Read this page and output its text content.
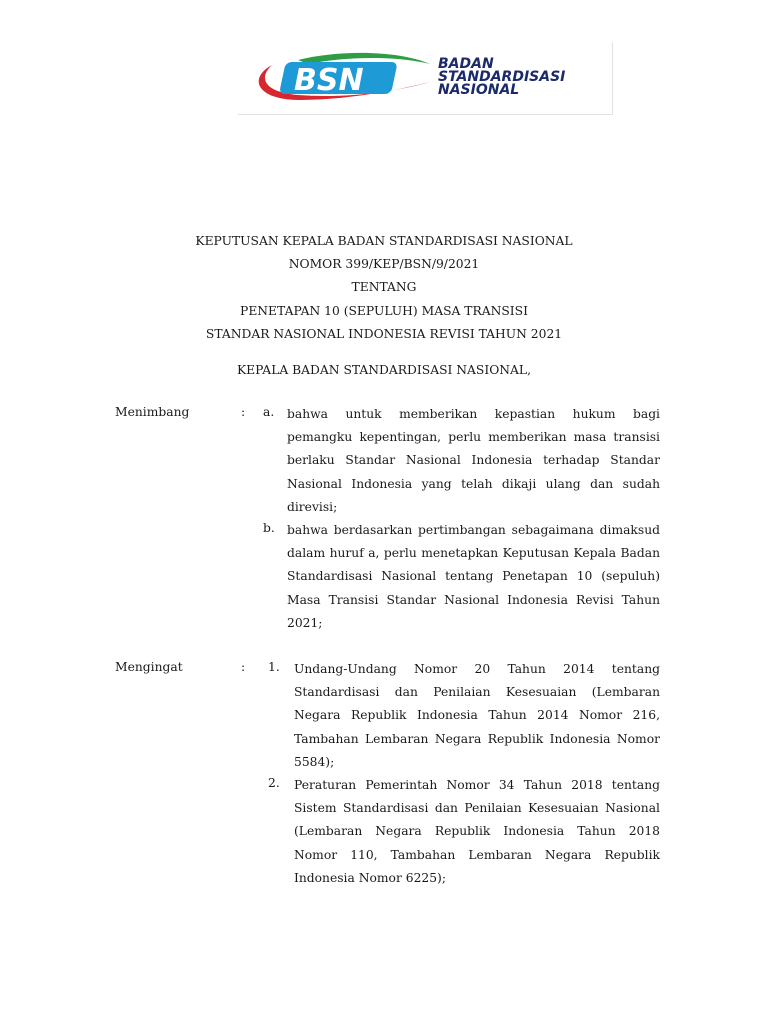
BSN	BADAN
STANDARDISASI
NASIONAL
KEPUTUSAN KEPALA BADAN STANDARDISASI NASIONAL
NOMOR 399/KEP/BSN/9/2021
TENTANG
PENETAPAN 10 (SEPULUH) MASA TRANSISI
STANDAR NASIONAL INDONESIA REVISI TAHUN 2021
KEPALA BADAN STANDARDISASI NASIONAL,
Menimbang	: a. bahwa untuk memberikan kepastian hukum bagi pemangku kepentingan, perlu memberikan masa transisi berlaku Standar Nasional Indonesia terhadap Standar Nasional Indonesia yang telah dikaji ulang dan sudah direvisi;

b. bahwa berdasarkan pertimbangan sebagaimana dimaksud dalam huruf a, perlu menetapkan Keputusan Kepala Badan Standardisasi Nasional tentang Penetapan 10 (sepuluh) Masa Transisi Standar Nasional Indonesia Revisi Tahun 2021;

Mengingat	: 1. Undang-Undang Nomor 20 Tahun 2014 tentang Standardisasi dan Penilaian Kesesuaian (Lembaran Negara Republik Indonesia Tahun 2014 Nomor 216, Tambahan Lembaran Negara Republik Indonesia Nomor 5584);

2. Peraturan Pemerintah Nomor 34 Tahun 2018 tentang Sistem Standardisasi dan Penilaian Kesesuaian Nasional (Lembaran Negara Republik Indonesia Tahun 2018 Nomor 110, Tambahan Lembaran Negara Republik Indonesia Nomor 6225);
